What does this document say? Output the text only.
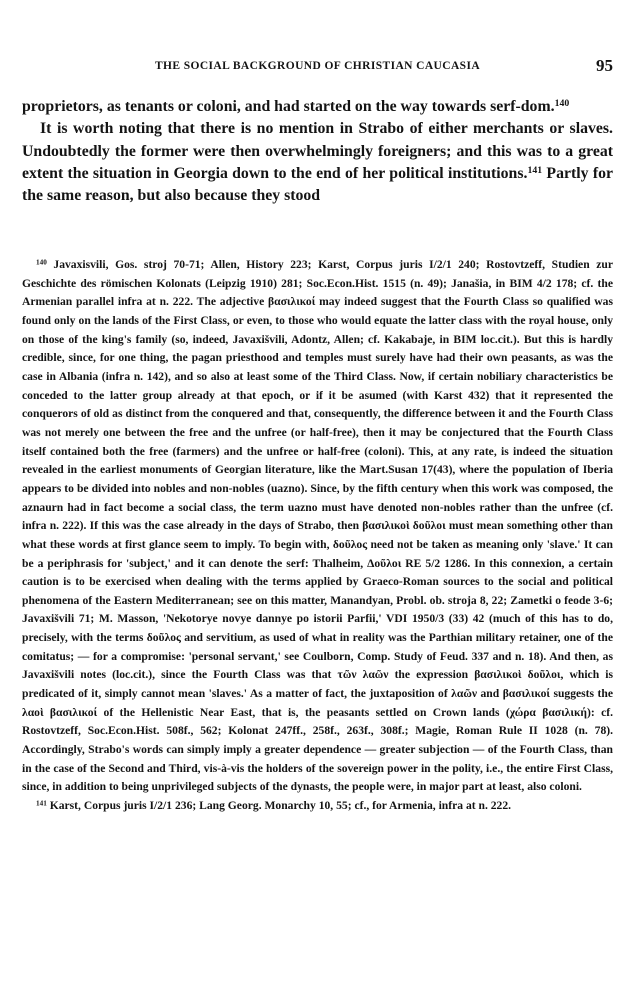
THE SOCIAL BACKGROUND OF CHRISTIAN CAUCASIA	95

proprietors, as tenants or coloni, and had started on the way towards serf-dom.$^{140}$

It is worth noting that there is no mention in Strabo of either merchants or slaves. Undoubtedly the former were then overwhelmingly foreigners; and this was to a great extent the situation in Georgia down to the end of her political institutions.$^{141}$ Partly for the same reason, but also because they stood

$^{140}$ Javaxisvili, Gos. stroj 70-71; Allen, History 223; Karst, Corpus juris I/2/1 240; Rostovtzeff, Studien zur Geschichte des römischen Kolonats (Leipzig 1910) 281; Soc.Econ.Hist. 1515 (n. 49); Janašia, in BIM 4/2 178; cf. the Armenian parallel infra at n. 222. The adjective βασιλικοί may indeed suggest that the Fourth Class so qualified was found only on the lands of the First Class, or even, to those who would equate the latter class with the royal house, only on those of the king's family (so, indeed, Javaxišvili, Adontz, Allen; cf. Kakabaje, in BIM loc.cit.). But this is hardly credible, since, for one thing, the pagan priesthood and temples must surely have had their own peasants, as was the case in Albania (infra n. 142), and so also at least some of the Third Class. Now, if certain nobiliary characteristics be conceded to the latter group already at that epoch, or if it be asumed (with Karst 432) that it represented the conquerors of old as distinct from the conquered and that, consequently, the difference between it and the Fourth Class was not merely one between the free and the unfree (or half-free), then it may be conjectured that the Fourth Class itself contained both the free (farmers) and the unfree or half-free (coloni). This, at any rate, is indeed the situation revealed in the earliest monuments of Georgian literature, like the Mart.Susan 17(43), where the population of Iberia appears to be divided into nobles and non-nobles (uazno). Since, by the fifth century when this work was composed, the aznaurn had in fact become a social class, the term uazno must have denoted non-nobles rather than the unfree (cf. infra n. 222). If this was the case already in the days of Strabo, then βασιλικοὶ δοῦλοι must mean something other than what these words at first glance seem to imply. To begin with, δοῦλος need not be taken as meaning only 'slave.' It can be a periphrasis for 'subject,' and it can denote the serf: Thalheim, Δοῦλοι RE 5/2 1286. In this connexion, a certain caution is to be exercised when dealing with the terms applied by Graeco-Roman sources to the social and political phenomena of the Eastern Mediterranean; see on this matter, Manandyan, Probl. ob. stroja 8, 22; Zametki o feode 3-6; Javaxišvili 71; M. Masson, 'Nekotorye novye dannye po istorii Parfii,' VDI 1950/3 (33) 42 (much of this has to do, precisely, with the terms δοῦλος and servitium, as used of what in reality was the Parthian military retainer, one of the comitatus; — for a compromise: 'personal servant,' see Coulborn, Comp. Study of Feud. 337 and n. 18). And then, as Javaxišvili notes (loc.cit.), since the Fourth Class was that τῶν λαῶν the expression βασιλικοὶ δοῦλοι, which is predicated of it, simply cannot mean 'slaves.' As a matter of fact, the juxtaposition of λαῶν and βασιλικοί suggests the λαοὶ βασιλικοί of the Hellenistic Near East, that is, the peasants settled on Crown lands (χώρα βασιλική): cf. Rostovtzeff, Soc.Econ.Hist. 508f., 562; Kolonat 247ff., 258f., 263f., 308f.; Magie, Roman Rule II 1028 (n. 78). Accordingly, Strabo's words can simply imply a greater dependence — greater subjection — of the Fourth Class, than in the case of the Second and Third, vis-à-vis the holders of the sovereign power in the polity, i.e., the entire First Class, since, in addition to being unprivileged subjects of the dynasts, the people were, in major part at least, also coloni.

$^{141}$ Karst, Corpus juris I/2/1 236; Lang Georg. Monarchy 10, 55; cf., for Armenia, infra at n. 222.
